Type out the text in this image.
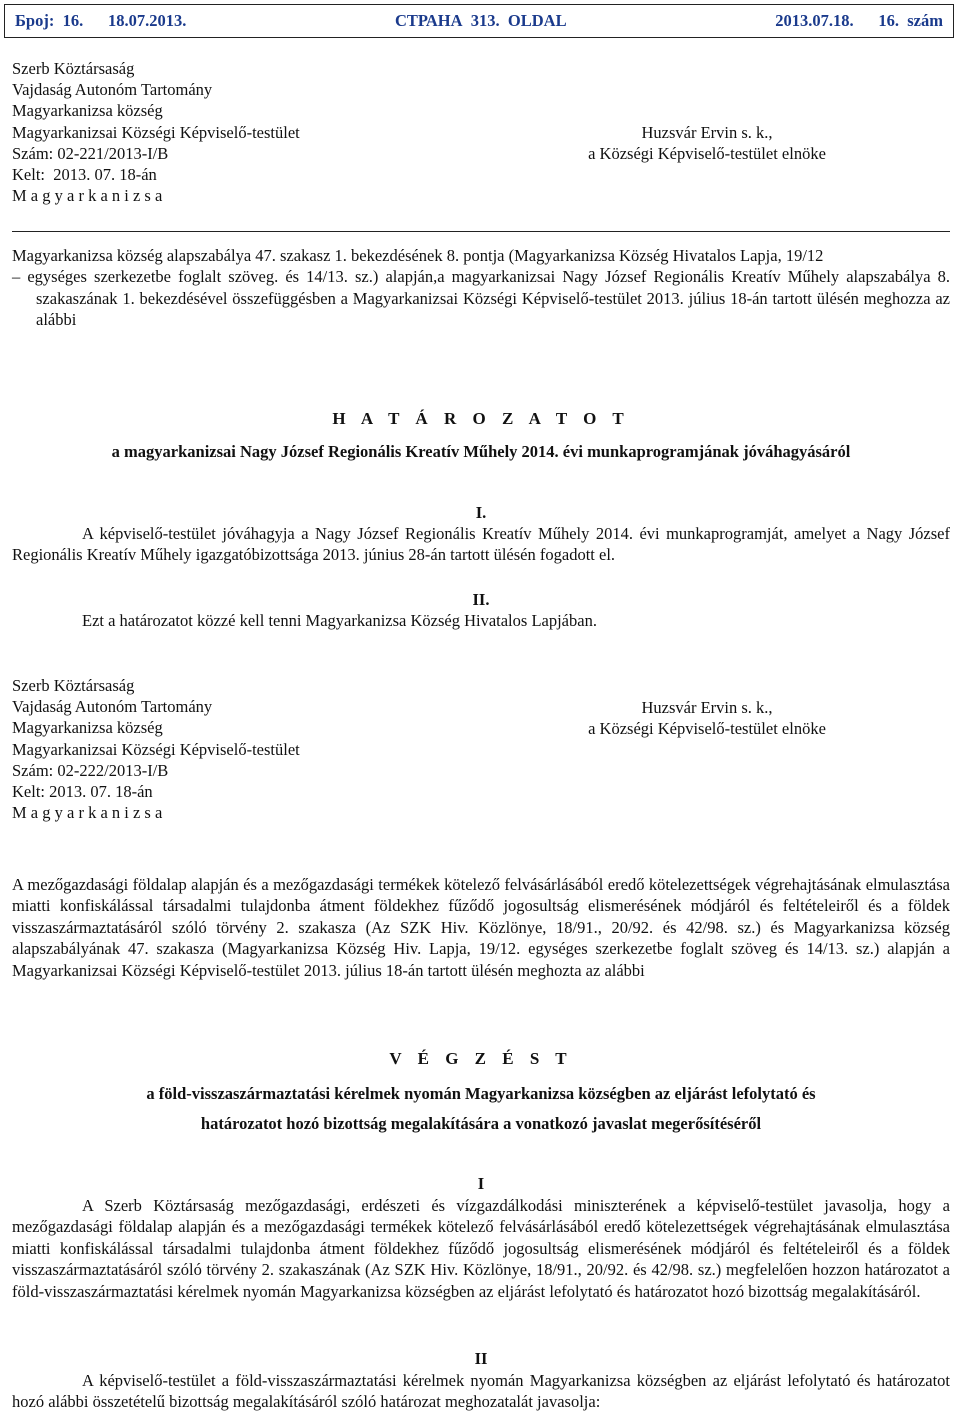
Број:  16.      18.07.2013.	СТРАНА  313.  OLDAL	2013.07.18.      16.  szám
Szerb Köztársaság
Vajdaság Autonóm Tartomány
Magyarkanizsa község
Magyarkanizsai Községi Képviselő-testület
Szám: 02-221/2013-I/B
Kelt:  2013. 07. 18-án
M a g y a r k a n i z s a
Huzsvár Ervin s. k.,
a Községi Képviselő-testület elnöke

Magyarkanizsa község alapszabálya 47. szakasz 1. bekezdésének 8. pontja (Magyarkanizsa Község Hivatalos Lapja, 19/12

– egységes szerkezetbe foglalt szöveg. és 14/13. sz.) alapján,a magyarkanizsai Nagy József Regionális Kreatív Műhely alapszabálya 8. szakaszának 1. bekezdésével összefüggésben a Magyarkanizsai Községi Képviselő-testület 2013. július 18-án tartott ülésén meghozza az alábbi

H A T Á R O Z A T O T
a magyarkanizsai Nagy József Regionális Kreatív Műhely 2014. évi munkaprogramjának jóváhagyásáról
I.
A képviselő-testület jóváhagyja a Nagy József Regionális Kreatív Műhely 2014. évi munkaprogramját, amelyet a Nagy József Regionális Kreatív Műhely igazgatóbizottsága 2013. június 28-án tartott ülésén fogadott el.
II.
Ezt a határozatot közzé kell tenni Magyarkanizsa Község Hivatalos Lapjában.
Szerb Köztársaság
Vajdaság Autonóm Tartomány
Magyarkanizsa község
Magyarkanizsai Községi Képviselő-testület
Szám: 02-222/2013-I/B
Kelt: 2013. 07. 18-án
M a g y a r k a n i z s a
Huzsvár Ervin s. k.,
a Községi Képviselő-testület elnöke
A mezőgazdasági földalap alapján és a mezőgazdasági termékek kötelező felvásárlásából eredő kötelezettségek végrehajtásának elmulasztása miatti konfiskálással társadalmi tulajdonba átment földekhez fűződő jogosultság elismerésének módjáról és feltételeiről és a földek visszaszármaztatásáról szóló törvény 2. szakasza (Az SZK Hiv. Közlönye, 18/91., 20/92. és 42/98. sz.) és Magyarkanizsa község alapszabályának 47. szakasza (Magyarkanizsa Község Hiv. Lapja, 19/12. egységes szerkezetbe foglalt szöveg és 14/13. sz.) alapján a Magyarkanizsai Községi Képviselő-testület 2013. július 18-án tartott ülésén meghozta az alábbi
V É G Z É S T
a föld-visszaszármaztatási kérelmek nyomán Magyarkanizsa községben az eljárást lefolytató és
határozatot hozó bizottság megalakítására a vonatkozó javaslat megerősítéséről
I
A Szerb Köztársaság mezőgazdasági, erdészeti és vízgazdálkodási miniszterének a képviselő-testület javasolja, hogy a mezőgazdasági földalap alapján és a mezőgazdasági termékek kötelező felvásárlásából eredő kötelezettségek végrehajtásának elmulasztása miatti konfiskálással társadalmi tulajdonba átment földekhez fűződő jogosultság elismerésének módjáról és feltételeiről és a földek visszaszármaztatásáról szóló törvény 2. szakaszának (Az SZK Hiv. Közlönye, 18/91., 20/92. és 42/98. sz.) megfelelően hozzon határozatot a föld-visszaszármaztatási kérelmek nyomán Magyarkanizsa községben az eljárást lefolytató és határozatot hozó bizottság megalakításáról.
II
A képviselő-testület a föld-visszaszármaztatási kérelmek nyomán Magyarkanizsa községben az eljárást lefolytató és határozatot hozó alábbi összetételű bizottság megalakításáról szóló határozat meghozatalát javasolja:
